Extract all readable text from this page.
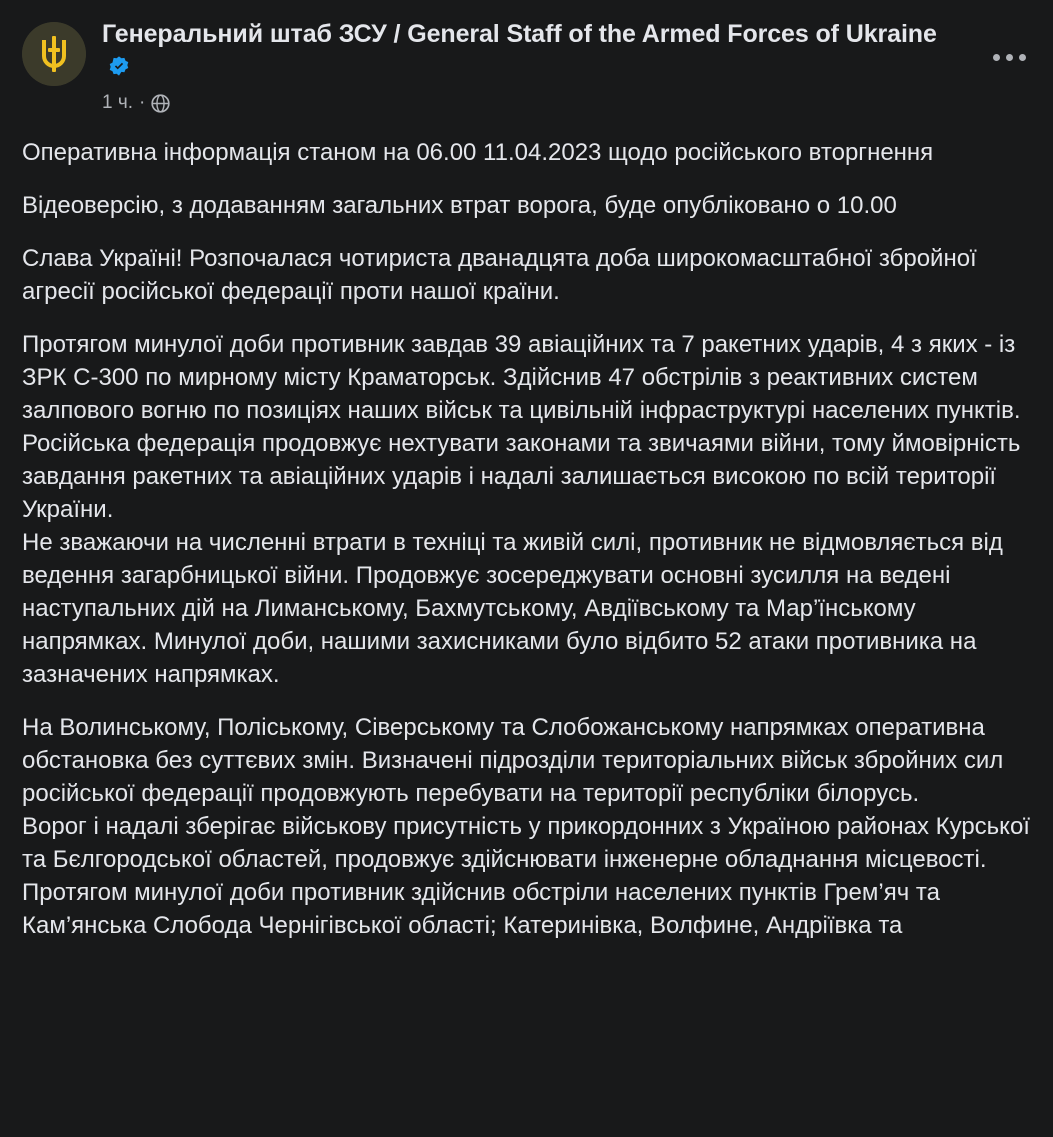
Генеральний штаб ЗСУ / General Staff of the Armed Forces of Ukraine
1 ч. ·

Оперативна інформація станом на 06.00 11.04.2023 щодо російського вторгнення

Відеоверсію, з додаванням загальних втрат ворога, буде опубліковано о 10.00

Слава Україні! Розпочалася чотириста дванадцята доба широкомасштабної збройної агресії російської федерації проти нашої країни.

Протягом минулої доби противник завдав 39 авіаційних та 7 ракетних ударів, 4 з яких - із ЗРК С-300 по мирному місту Краматорськ. Здійснив 47 обстрілів з реактивних систем залпового вогню по позиціях наших військ та цивільній інфраструктурі населених пунктів.

Російська федерація продовжує нехтувати законами та звичаями війни, тому ймовірність завдання ракетних та авіаційних ударів і надалі залишається високою по всій території України.

Не зважаючи на численні втрати в техніці та живій силі, противник не відмовляється від ведення загарбницької війни. Продовжує зосереджувати основні зусилля на ведені наступальних дій на Лиманському, Бахмутському, Авдіївському та Мар’їнському напрямках. Минулої доби, нашими захисниками було відбито 52 атаки противника на зазначених напрямках.

На Волинському, Поліському, Сіверському та Слобожанському напрямках оперативна обстановка без суттєвих змін. Визначені підрозділи територіальних військ збройних сил російської федерації продовжують перебувати на території республіки білорусь.

Ворог і надалі зберігає військову присутність у прикордонних з Україною районах Курської та Бєлгородської областей, продовжує здійснювати інженерне обладнання місцевості.

Протягом минулої доби противник здійснив обстріли населених пунктів Грем’яч та Кам’янська Слобода Чернігівської області; Катеринівка, Волфине, Андріївка та
